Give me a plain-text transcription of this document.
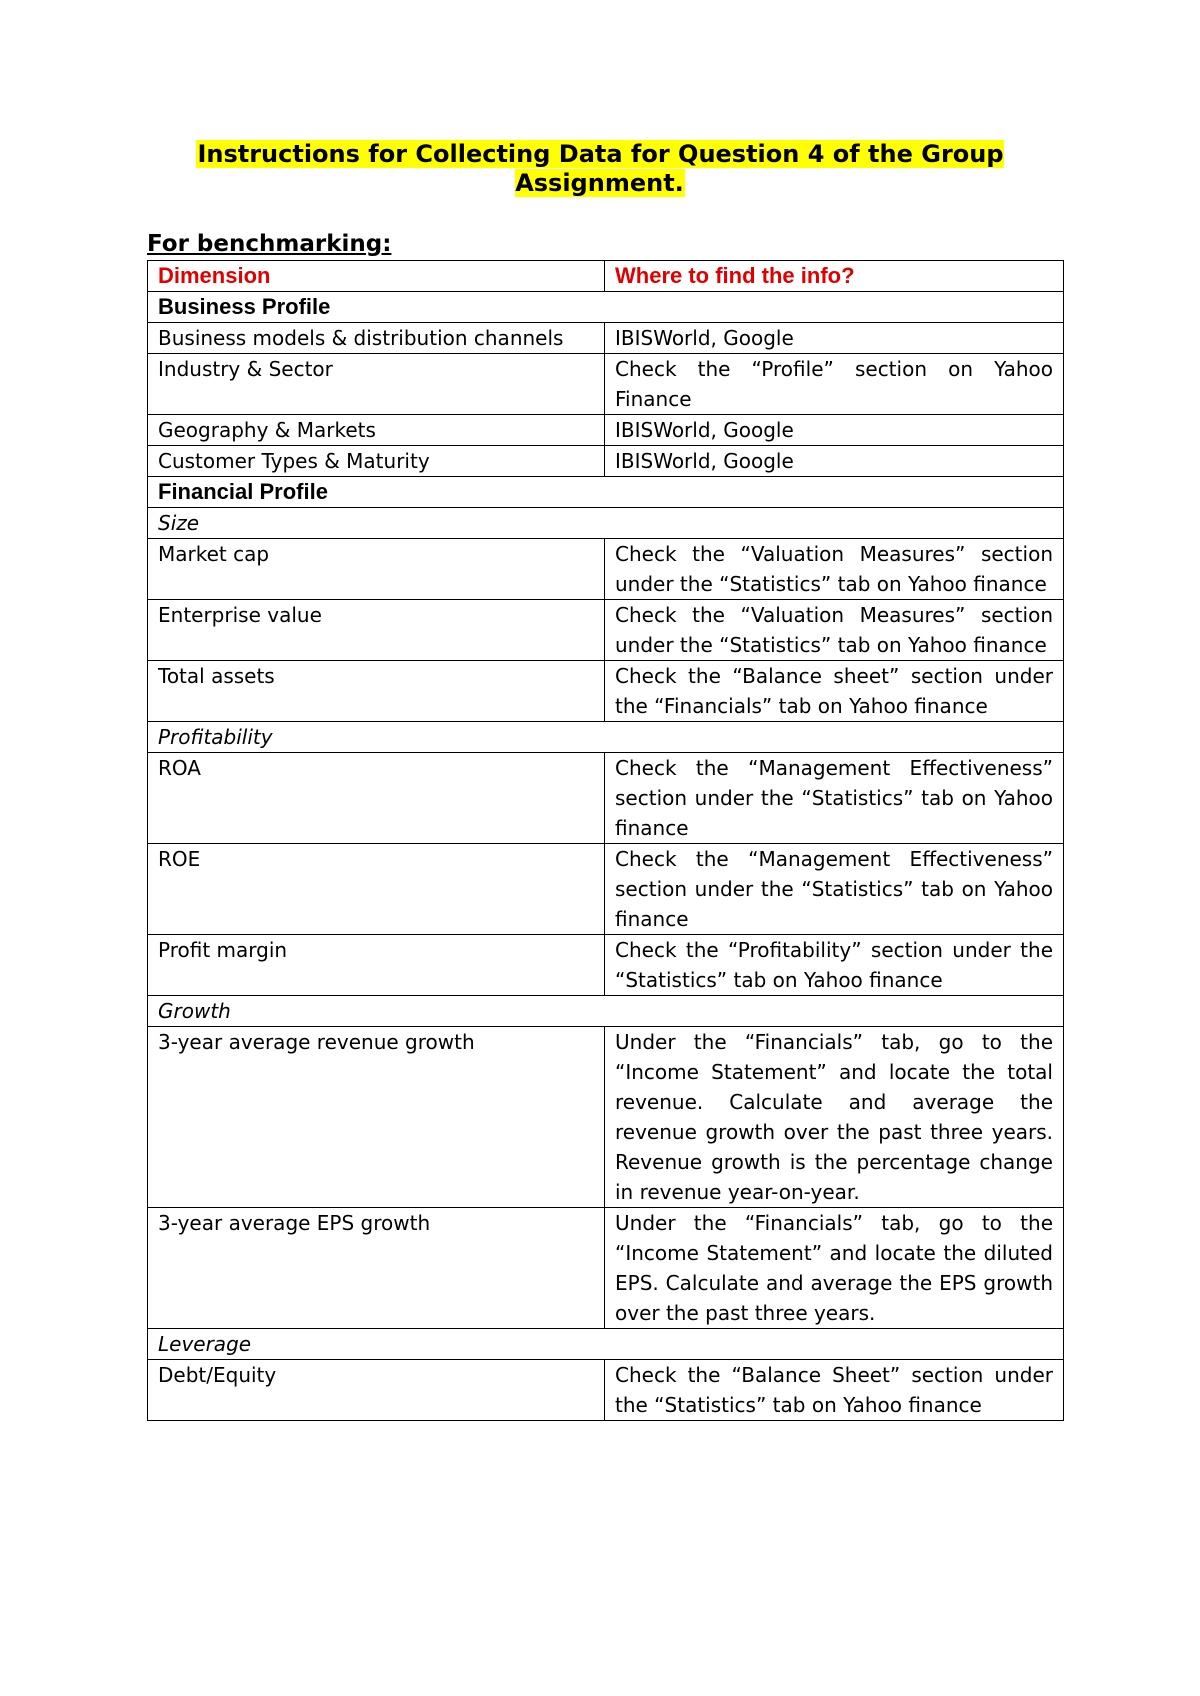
Instructions for Collecting Data for Question 4 of the Group Assignment.
For benchmarking:
Dimension	Where to find the info?
Business Profile	
Business models & distribution channels	IBISWorld, Google
Industry & Sector	Check the “Profile” section on Yahoo Finance
Geography & Markets	IBISWorld, Google
Customer Types & Maturity	IBISWorld, Google
Financial Profile	
Size	
Market cap	Check the “Valuation Measures” section under the “Statistics” tab on Yahoo finance
Enterprise value	Check the “Valuation Measures” section under the “Statistics” tab on Yahoo finance
Total assets	Check the “Balance sheet” section under the “Financials” tab on Yahoo finance
Profitability	
ROA	Check the “Management Effectiveness” section under the “Statistics” tab on Yahoo finance
ROE	Check the “Management Effectiveness” section under the “Statistics” tab on Yahoo finance
Profit margin	Check the “Profitability” section under the “Statistics” tab on Yahoo finance
Growth	
3-year average revenue growth	Under the “Financials” tab, go to the “Income Statement” and locate the total revenue. Calculate and average the revenue growth over the past three years. Revenue growth is the percentage change in revenue year-on-year.
3-year average EPS growth	Under the “Financials” tab, go to the “Income Statement” and locate the diluted EPS. Calculate and average the EPS growth over the past three years.
Leverage	
Debt/Equity	Check the “Balance Sheet” section under the “Statistics” tab on Yahoo finance
